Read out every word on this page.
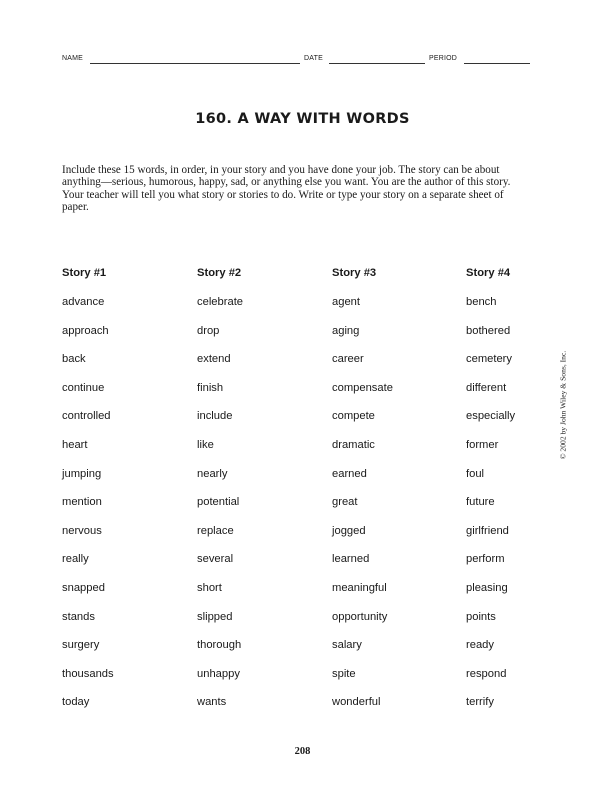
NAME	DATE	PERIOD
160. A WAY WITH WORDS

Include these 15 words, in order, in your story and you have done your job. The story can be about anything—serious, humorous, happy, sad, or anything else you want. You are the author of this story. Your teacher will tell you what story or stories to do. Write or type your story on a separate sheet of paper.

Story #1
advance
approach
back
continue
controlled
heart
jumping
mention
nervous
really
snapped
stands
surgery
thousands
today
Story #2
celebrate
drop
extend
finish
include
like
nearly
potential
replace
several
short
slipped
thorough
unhappy
wants
Story #3
agent
aging
career
compensate
compete
dramatic
earned
great
jogged
learned
meaningful
opportunity
salary
spite
wonderful
Story #4
bench
bothered
cemetery
different
especially
former
foul
future
girlfriend
perform
pleasing
points
ready
respond
terrify
© 2002 by John Wiley & Sons, Inc.
208
